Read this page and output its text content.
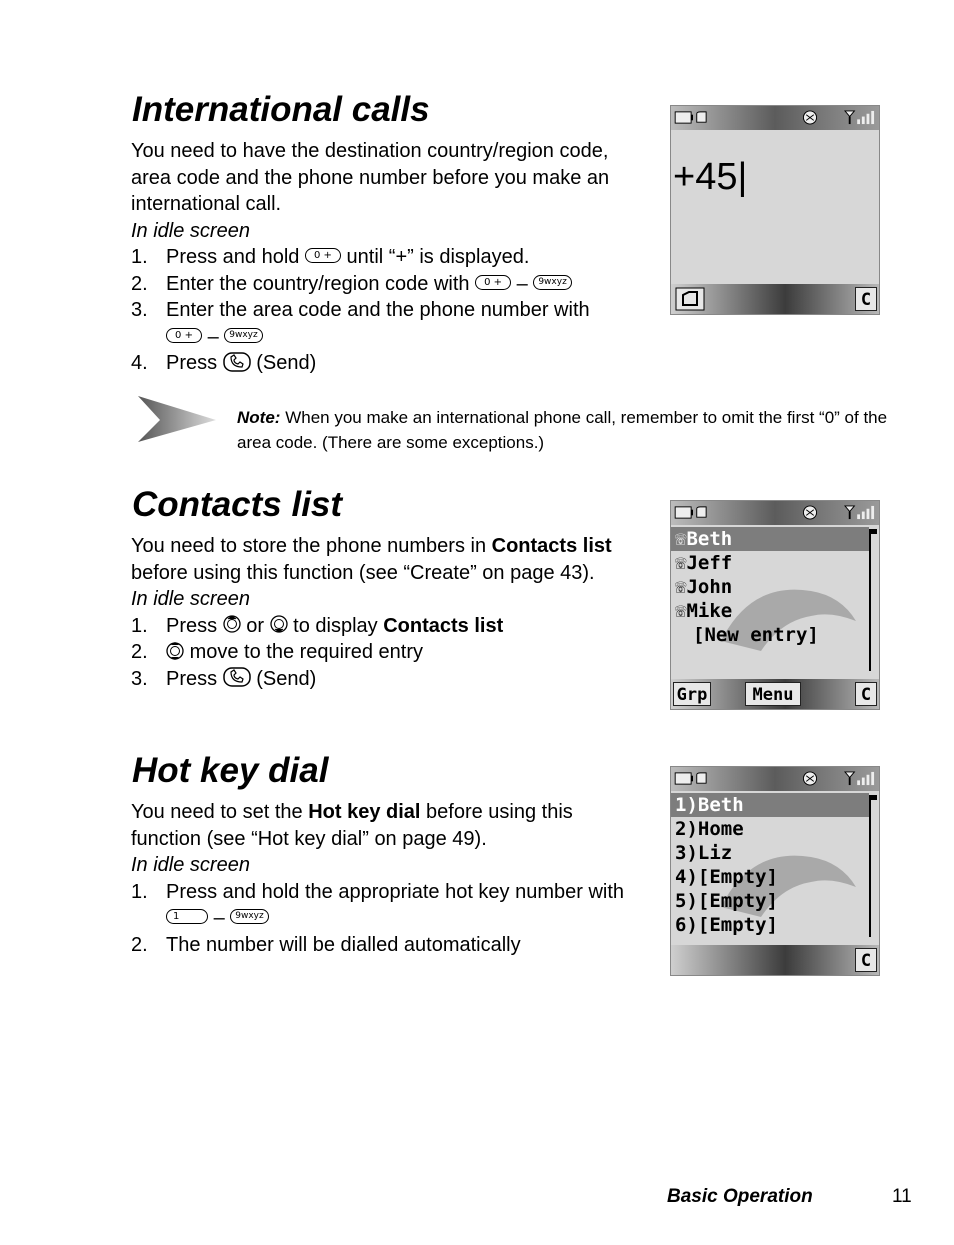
International calls
You need to have the destination country/region code, area code and the phone number before you make an international call.
In idle screen
1. Press and hold 0 + until “+” is displayed.
2. Enter the country/region code with 0 + – 9wxyz
3. Enter the area code and the phone number with
0 + – 9wxyz
4. Press (Send)
+45|
C
Note: When you make an international phone call, remember to omit the first “0” of the area code. (There are some exceptions.)
Contacts list
You need to store the phone numbers in Contacts list before using this function (see “Create” on page 43).
In idle screen
1. Press or to display Contacts list
2. move to the required entry
3. Press (Send)
☏Beth
☏Jeff
☏John
☏Mike
[New entry]
Grp	Menu	C
Hot key dial
You need to set the Hot key dial before using this function (see “Hot key dial” on page 49).
In idle screen
1. Press and hold the appropriate hot key number with 1 – 9wxyz
2. The number will be dialled automatically
1)Beth
2)Home
3)Liz
4)[Empty]
5)[Empty]
6)[Empty]
C
Basic Operation	11
